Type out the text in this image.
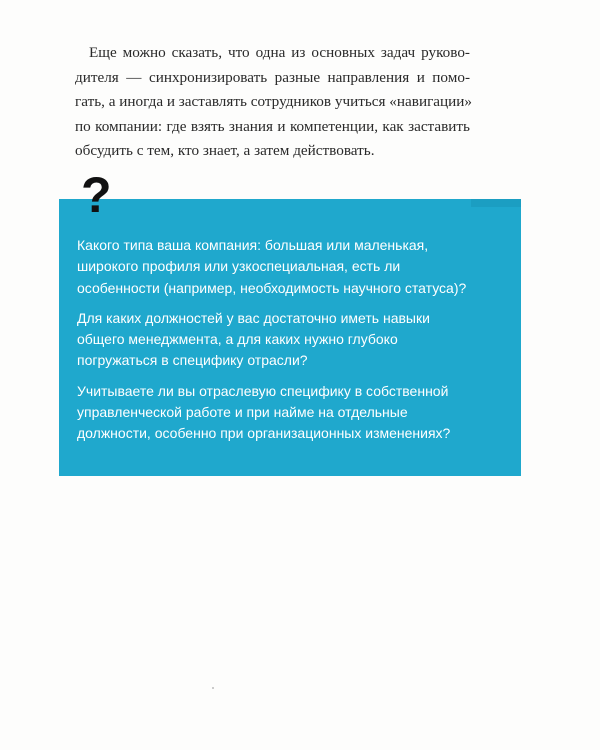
Еще можно сказать, что одна из основных задач руково-
дителя — синхронизировать разные направления и помо-
гать, а иногда и заставлять сотрудников учиться «навигации»
по компании: где взять знания и компетенции, как заставить
обсудить с тем, кто знает, а затем действовать.

Какого типа ваша компания: большая или маленькая,
широкого профиля или узкоспециальная, есть ли
особенности (например, необходимость научного статуса)?

Для каких должностей у вас достаточно иметь навыки
общего менеджмента, а для каких нужно глубоко
погружаться в специфику отрасли?

Учитываете ли вы отраслевую специфику в собственной
управленческой работе и при найме на отдельные
должности, особенно при организационных изменениях?

?
